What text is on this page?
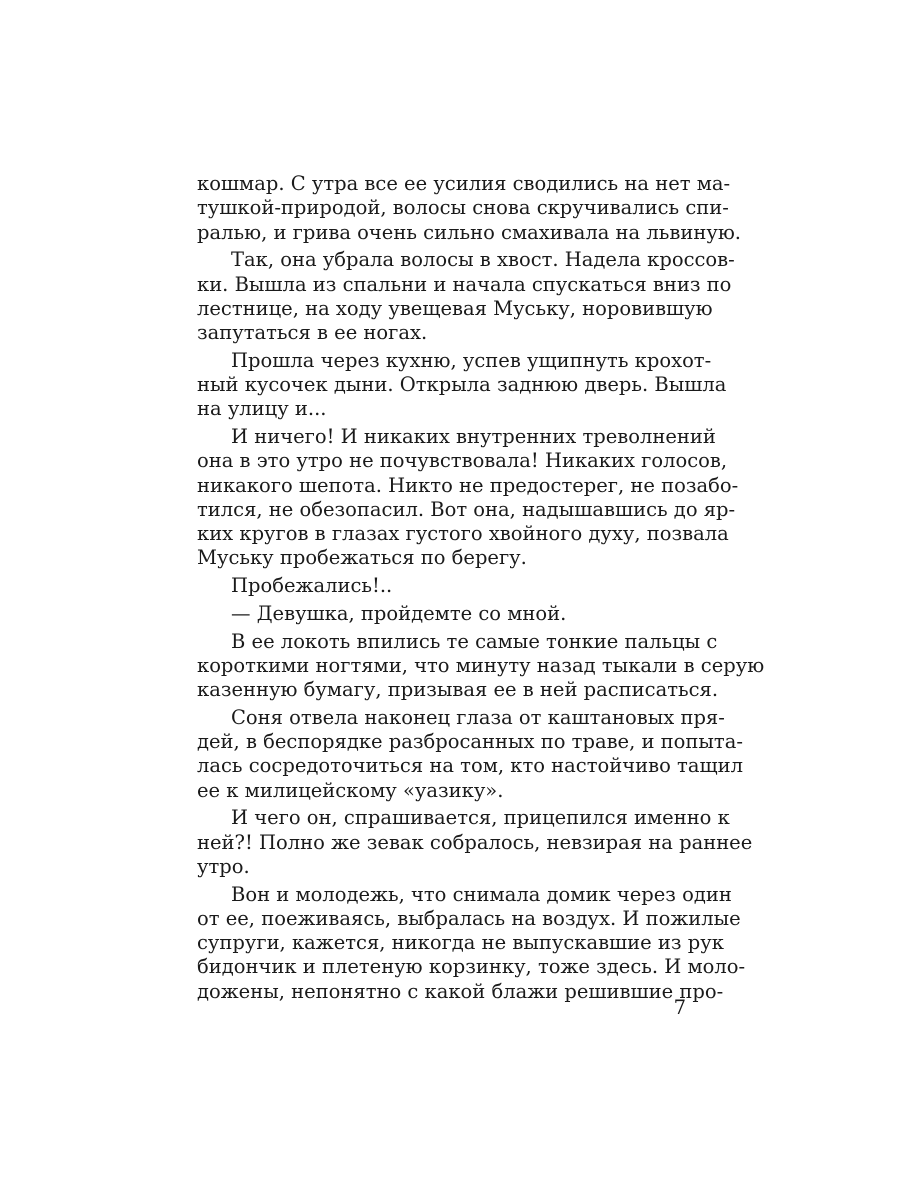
кошмар. С утра все ее усилия сводились на нет ма-
тушкой-природой, волосы снова скручивались спи-
ралью, и грива очень сильно смахивала на львиную.
Так, она убрала волосы в хвост. Надела кроссов-
ки. Вышла из спальни и начала спускаться вниз по
лестнице, на ходу увещевая Муську, норовившую
запутаться в ее ногах.
Прошла через кухню, успев ущипнуть крохот-
ный кусочек дыни. Открыла заднюю дверь. Вышла
на улицу и...
И ничего! И никаких внутренних треволнений
она в это утро не почувствовала! Никаких голосов,
никакого шепота. Никто не предостерег, не позабо-
тился, не обезопасил. Вот она, надышавшись до яр-
ких кругов в глазах густого хвойного духу, позвала
Муську пробежаться по берегу.
Пробежались!..
— Девушка, пройдемте со мной.
В ее локоть впились те самые тонкие пальцы с
короткими ногтями, что минуту назад тыкали в серую
казенную бумагу, призывая ее в ней расписаться.
Соня отвела наконец глаза от каштановых пря-
дей, в беспорядке разбросанных по траве, и попыта-
лась сосредоточиться на том, кто настойчиво тащил
ее к милицейскому «уазику».
И чего он, спрашивается, прицепился именно к
ней?! Полно же зевак собралось, невзирая на раннее
утро.
Вон и молодежь, что снимала домик через один
от ее, поеживаясь, выбралась на воздух. И пожилые
супруги, кажется, никогда не выпускавшие из рук
бидончик и плетеную корзинку, тоже здесь. И моло-
дожены, непонятно с какой блажи решившие про-
7
